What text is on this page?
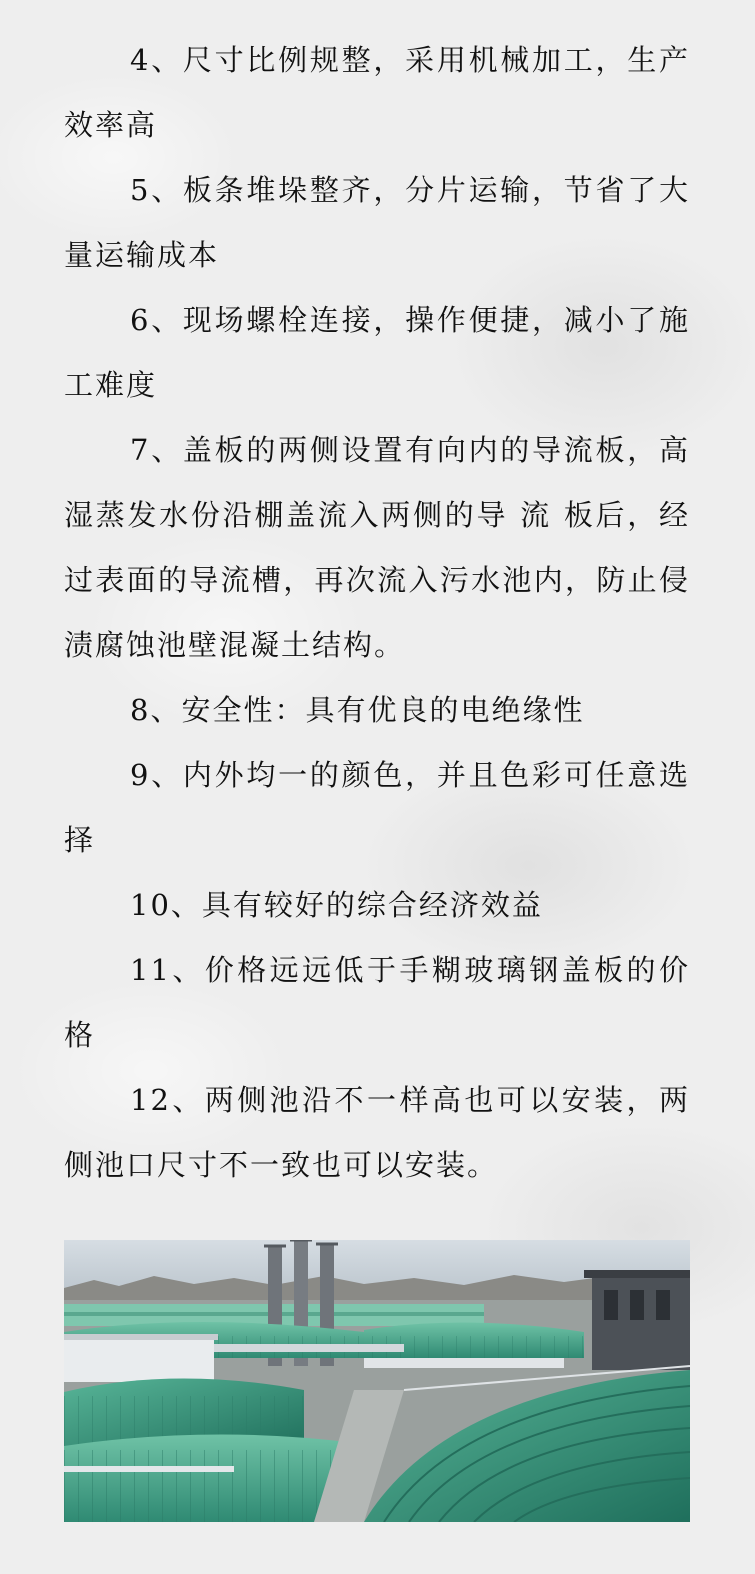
4、尺寸比例规整，采用机械加工，生产效率高

5、板条堆垛整齐，分片运输，节省了大量运输成本

6、现场螺栓连接，操作便捷，减小了施工难度

7、盖板的两侧设置有向内的导流板，高湿蒸发水份沿棚盖流入两侧的导 流 板后，经过表面的导流槽，再次流入污水池内，防止侵渍腐蚀池壁混凝土结构。

8、安全性：具有优良的电绝缘性

9、内外均一的颜色，并且色彩可任意选择

10、具有较好的综合经济效益

11、价格远远低于手糊玻璃钢盖板的价格

12、两侧池沿不一样高也可以安装，两侧池口尺寸不一致也可以安装。
